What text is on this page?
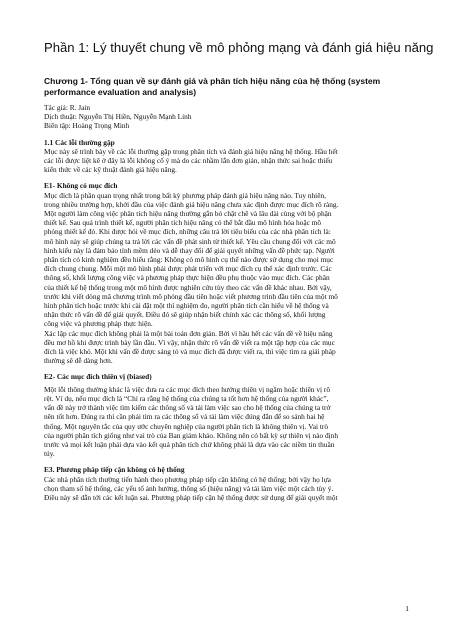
Phần 1: Lý thuyết chung về mô phỏng mạng và đánh giá hiệu năng
Chương 1- Tổng quan về sự đánh giá và phân tích hiệu năng của hệ thống (system
performance evaluation and analysis)

Tác giả: R. Jain
Dịch thuật: Nguyễn Thị Hiền, Nguyễn Mạnh Linh
Biên tập: Hoàng Trọng Minh

1.1 Các lỗi thường gặp

Mục này sẽ trình bày về các lỗi thường gặp trong phân tích và đánh giá hiệu năng hệ thống. Hầu hết
các lỗi được liệt kê ở đây là lỗi không cố ý mà do các nhầm lẫn đơn giản, nhận thức sai hoặc thiếu
kiến thức về các kỹ thuật đánh giá hiệu năng.

E1- Không có mục đích

Mục đích là phần quan trọng nhất trong bất kỳ phương pháp đánh giá hiệu năng nào. Tuy nhiên,
trong nhiều trường hợp, khởi đầu của việc đánh giá hiệu năng chưa xác định được mục đích rõ ràng.
Một người làm công việc phân tích hiệu năng thường gắn bó chặt chẽ và lâu dài cùng với bộ phận
thiết kế. Sau quá trình thiết kế, người phân tích hiệu năng có thể bắt đầu mô hình hóa hoặc mô
phỏng thiết kế đó. Khi được hỏi về mục đích, những câu trả lời tiêu biểu của các nhà phân tích là:
mô hình này sẽ giúp chúng ta trả lời các vấn đề phát sinh từ thiết kế. Yêu cầu chung đối với các mô
hình kiểu này là đảm bảo tính mềm dẻo và dễ thay đổi để giải quyết những vấn đề phức tạp. Người
phân tích có kinh nghiệm đều hiểu rằng: Không có mô hình cụ thể nào được sử dụng cho mọi mục
đích chung chung. Mỗi một mô hình phải được phát triển với mục đích cụ thể xác định trước. Các
thông số, khối lượng công việc và phương pháp thực hiện đều phụ thuộc vào mục đích. Các phân
của thiết kế hệ thống trong một mô hình được nghiên cứu tùy theo các vấn đề khác nhau. Bởi vậy,
trước khi viết dòng mã chương trình mô phỏng đầu tiên hoặc viết phương trình đầu tiên của một mô
hình phân tích hoặc trước khi cài đặt một thí nghiệm đo, người phân tích cần hiểu về hệ thống và
nhận thức rõ vấn đề để giải quyết. Điều đó sẽ giúp nhận biết chính xác các thông số, khối lượng
công việc và phương pháp thực hiện.

Xác lập các mục đích không phải là một bài toán đơn giản. Bởi vì hầu hết các vấn đề về hiệu năng
đều mơ hồ khi được trình bày lần đầu. Vì vậy, nhận thức rõ vấn đề viết ra một tập hợp của các mục
đích là việc khó. Một khi vấn đề được sáng tỏ và mục đích đã được viết ra, thì việc tìm ra giải pháp
thường sẽ dễ dàng hơn.

E2- Các mục đích thiên vị (biased)

Một lỗi thông thường khác là việc đưa ra các mục đích theo hướng thiên vị ngầm hoặc thiên vị rõ
rệt. Ví dụ, nếu mục đích là “Chỉ ra rằng hệ thống của chúng ta tốt hơn hệ thống của người khác”,
vấn đề này trở thành việc tìm kiếm các thông số và tải làm việc sao cho hệ thống của chúng ta trở
nên tốt hơn. Đúng ra thì cần phải tìm ra các thông số và tải làm việc đúng đắn để so sánh hai hệ
thống. Một nguyên tắc của quy ước chuyên nghiệp của người phân tích là không thiên vị. Vai trò
của người phân tích giống như vai trò của Ban giám khảo. Không nên có bất kỳ sự thiên vị nào định
trước và mọi kết luận phải dựa vào kết quả phân tích chứ không phải là dựa vào các niềm tin thuần
túy.

E3. Phương pháp tiếp cận không có hệ thống

Các nhà phân tích thường tiến hành theo phương pháp tiếp cận không có hệ thống; bởi vậy họ lựa
chọn tham số hệ thống, các yếu tố ảnh hưởng, thông số (hiệu năng) và tải làm việc một cách tùy ý.
Điều này sẽ dẫn tới các kết luận sai. Phương pháp tiếp cận hệ thống được sử dụng để giải quyết một

1
